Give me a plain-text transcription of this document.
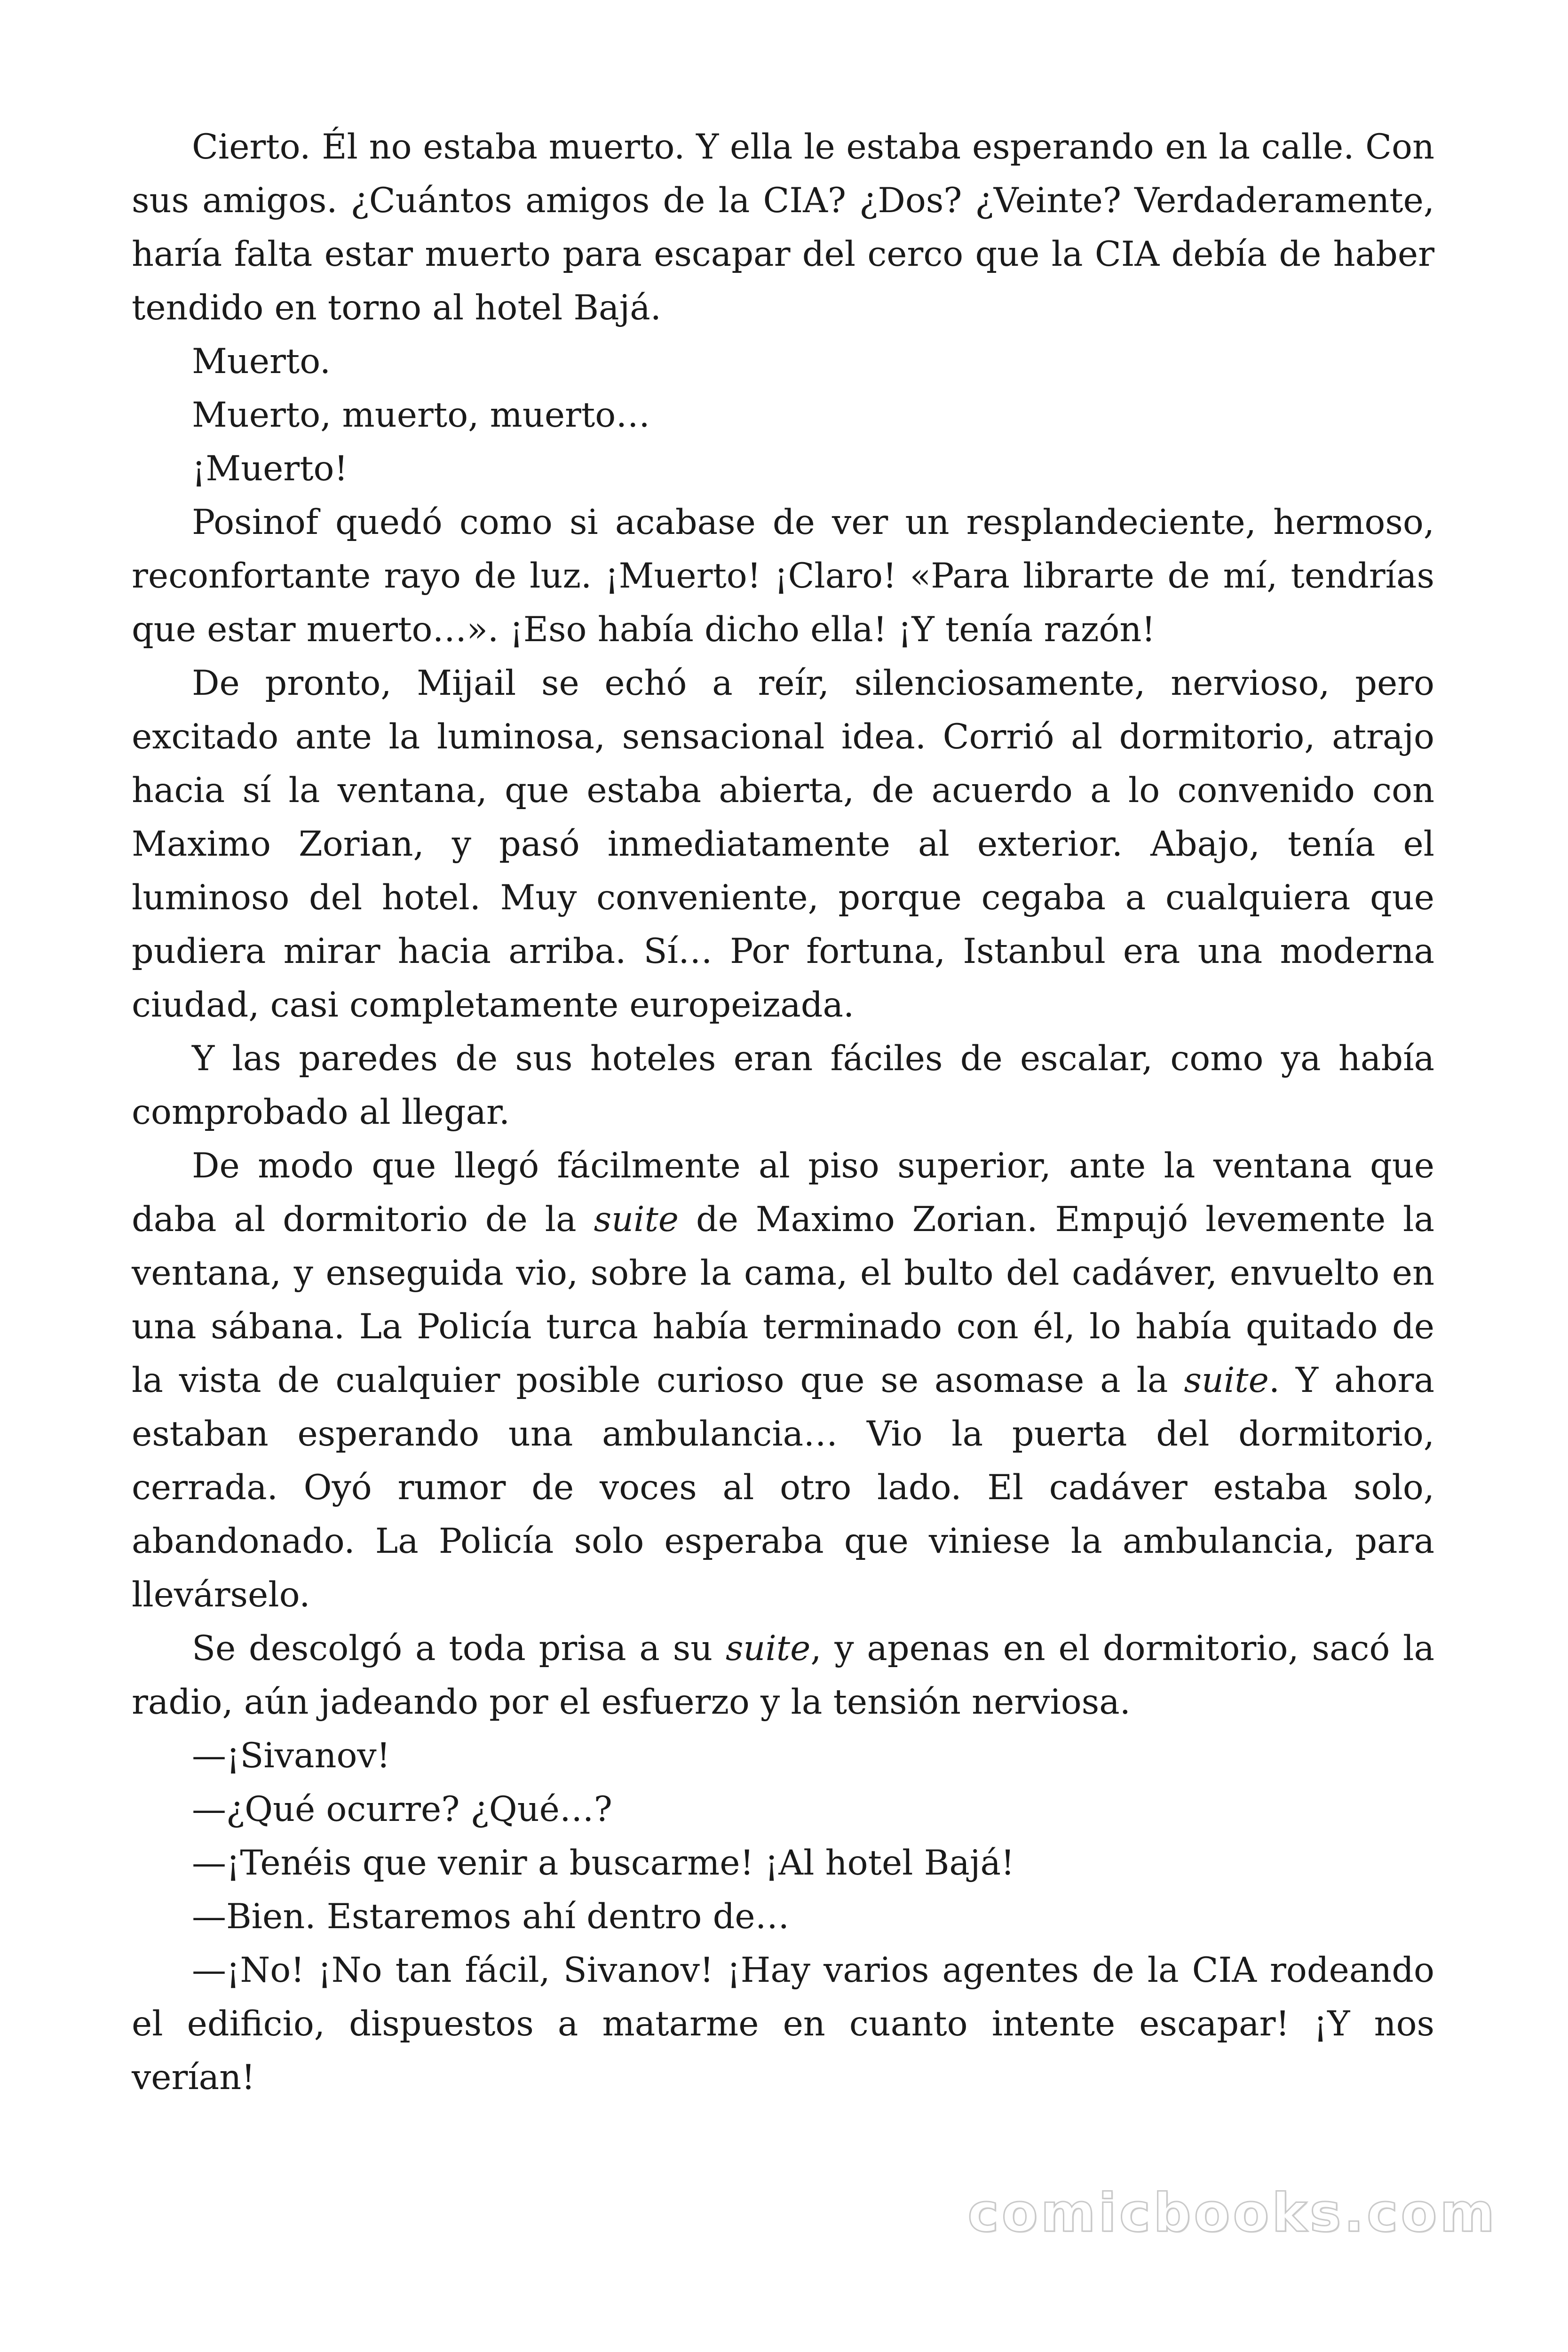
Cierto. Él no estaba muerto. Y ella le estaba esperando en la calle. Con sus amigos. ¿Cuántos amigos de la CIA? ¿Dos? ¿Veinte? Verdaderamente, haría falta estar muerto para escapar del cerco que la CIA debía de haber tendido en torno al hotel Bajá.

Muerto.

Muerto, muerto, muerto…

¡Muerto!

Posinof quedó como si acabase de ver un resplandeciente, hermoso, reconfortante rayo de luz. ¡Muerto! ¡Claro! «Para librarte de mí, tendrías que estar muerto…». ¡Eso había dicho ella! ¡Y tenía razón!

De pronto, Mijail se echó a reír, silenciosamente, nervioso, pero excitado ante la luminosa, sensacional idea. Corrió al dormitorio, atrajo hacia sí la ventana, que estaba abierta, de acuerdo a lo convenido con Maximo Zorian, y pasó inmediatamente al exterior. Abajo, tenía el luminoso del hotel. Muy conveniente, porque cegaba a cualquiera que pudiera mirar hacia arriba. Sí… Por fortuna, Istanbul era una moderna ciudad, casi completamente europeizada.

Y las paredes de sus hoteles eran fáciles de escalar, como ya había comprobado al llegar.

De modo que llegó fácilmente al piso superior, ante la ventana que daba al dormitorio de la suite de Maximo Zorian. Empujó levemente la ventana, y enseguida vio, sobre la cama, el bulto del cadáver, envuelto en una sábana. La Policía turca había terminado con él, lo había quitado de la vista de cualquier posible curioso que se asomase a la suite. Y ahora estaban esperando una ambulancia… Vio la puerta del dormitorio, cerrada. Oyó rumor de voces al otro lado. El cadáver estaba solo, abandonado. La Policía solo esperaba que viniese la ambulancia, para llevárselo.

Se descolgó a toda prisa a su suite, y apenas en el dormitorio, sacó la radio, aún jadeando por el esfuerzo y la tensión nerviosa.

—¡Sivanov!

—¿Qué ocurre? ¿Qué…?

—¡Tenéis que venir a buscarme! ¡Al hotel Bajá!

—Bien. Estaremos ahí dentro de…

—¡No! ¡No tan fácil, Sivanov! ¡Hay varios agentes de la CIA rodeando el edificio, dispuestos a matarme en cuanto intente escapar! ¡Y nos verían!

comicbooks.com
